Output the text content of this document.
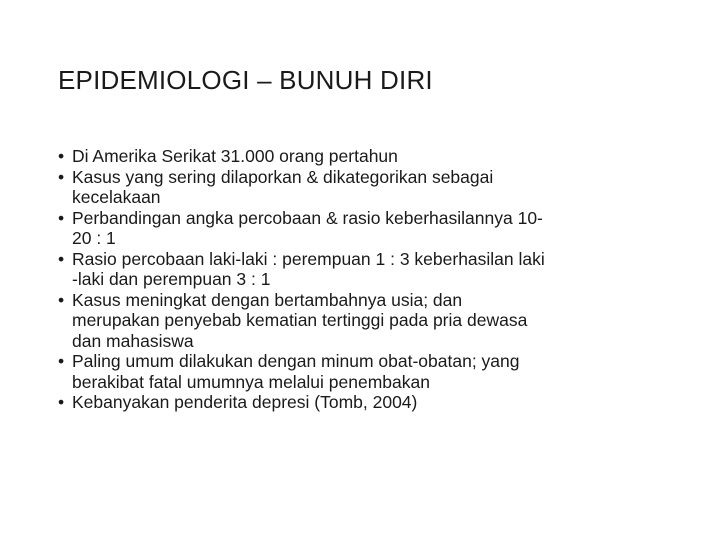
EPIDEMIOLOGI – BUNUH DIRI
• Di Amerika Serikat 31.000 orang pertahun
• Kasus yang sering dilaporkan & dikategorikan sebagai
kecelakaan
• Perbandingan angka percobaan & rasio keberhasilannya 10-
20 : 1
• Rasio percobaan laki-laki : perempuan 1 : 3 keberhasilan laki
-laki dan perempuan 3 : 1
• Kasus meningkat dengan bertambahnya usia; dan
merupakan penyebab kematian tertinggi pada pria dewasa
dan mahasiswa
• Paling umum dilakukan dengan minum obat-obatan; yang
berakibat fatal umumnya melalui penembakan
• Kebanyakan penderita depresi (Tomb, 2004)
